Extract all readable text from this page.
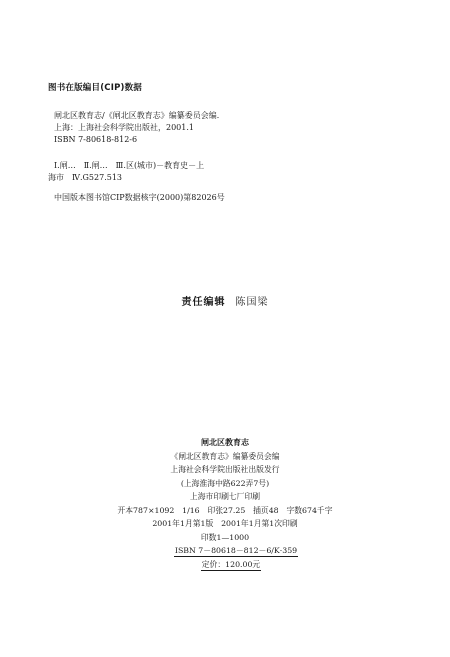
图书在版编目(CIP)数据

闸北区教育志/《闸北区教育志》编纂委员会编．
上海：上海社会科学院出版社，2001.1
ISBN 7-80618-812-6
Ⅰ.闸…　Ⅱ.闸…　Ⅲ.区(城市)－教育史－上
海市　Ⅳ.G527.513
中国版本图书馆CIP数据核字(2000)第82026号
责任编辑 陈国梁
闸北区教育志
《闸北区教育志》编纂委员会编
上海社会科学院出版社出版发行
(上海淮海中路622弄7号)
上海市印刷七厂印刷
开本787×1092　1/16　印张27.25　插页48　字数674千字
2001年1月第1版　2001年1月第1次印刷
印数1—1000
ISBN 7－80618－812－6/K·359
定价：120.00元
